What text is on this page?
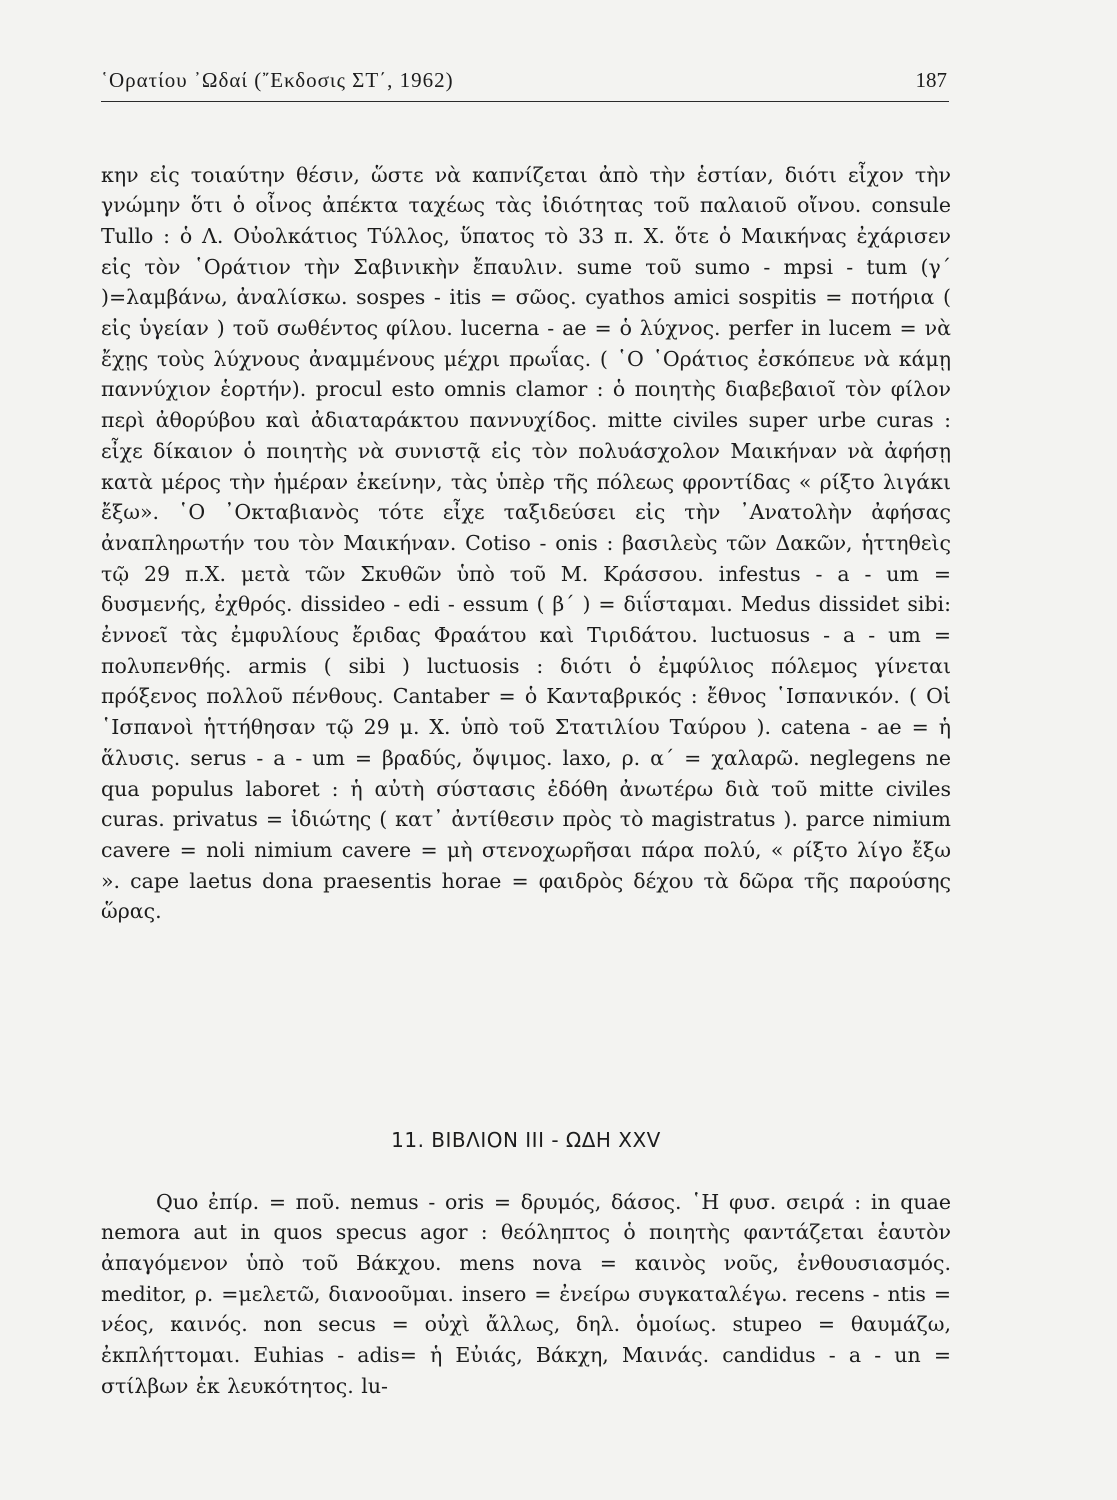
῾Ορατίου ᾽Ωδαί (῎Εκδοσις ΣΤ΄, 1962)	187

κην εἰς τοιαύτην θέσιν, ὥστε νὰ καπνίζεται ἀπὸ τὴν ἑστίαν, διότι εἶχον τὴν γνώμην ὅτι ὁ οἶνος ἀπέκτα ταχέως τὰς ἰδιότητας τοῦ παλαιοῦ οἴνου. consule Tullo : ὁ Λ. Οὐολκάτιος Τύλλος, ὕπατος τὸ 33 π. Χ. ὅτε ὁ Μαικήνας ἐχάρισεν εἰς τὸν ῾Οράτιον τὴν Σαβινικὴν ἔπαυλιν. sume τοῦ sumo - mpsi - tum (γ΄ )=λαμβάνω, ἀναλίσκω. sospes - itis = σῶος. cyathos amici sospitis = ποτήρια ( εἰς ὑγείαν ) τοῦ σωθέντος φίλου. lucerna - ae = ὁ λύχνος. perfer in lucem = νὰ ἔχῃς τοὺς λύχνους ἀναμμένους μέχρι πρωΐας. ( ῾Ο ῾Οράτιος ἐσκόπευε νὰ κάμῃ παννύχιον ἑορτήν). procul esto omnis clamor : ὁ ποιητὴς διαβεβαιοῖ τὸν φίλον περὶ ἀθορύβου καὶ ἀδιαταράκτου παννυχίδος. mitte civiles super urbe curas : εἶχε δίκαιον ὁ ποιητὴς νὰ συνιστᾷ εἰς τὸν πολυάσχολον Μαικήναν νὰ ἀφήσῃ κατὰ μέρος τὴν ἡμέραν ἐκείνην, τὰς ὑπὲρ τῆς πόλεως φροντίδας « ρίξτο λιγάκι ἔξω». ῾Ο ᾽Οκταβιανὸς τότε εἶχε ταξιδεύσει εἰς τὴν ᾽Ανατολὴν ἀφήσας ἀναπληρωτήν του τὸν Μαικήναν. Cotiso - onis : βασιλεὺς τῶν Δακῶν, ἡττηθεὶς τῷ 29 π.Χ. μετὰ τῶν Σκυθῶν ὑπὸ τοῦ Μ. Κράσσου. infestus - a - um = δυσμενής, ἐχθρός. dissideo - edi - essum ( β΄ ) = διΐσταμαι. Medus dissidet sibi: ἐννοεῖ τὰς ἐμφυλίους ἔριδας Φραάτου καὶ Τιριδάτου. luctuosus - a - um = πολυπενθής. armis ( sibi ) luctuosis : διότι ὁ ἐμφύλιος πόλεμος γίνεται πρόξενος πολλοῦ πένθους. Cantaber = ὁ Κανταβρικός : ἔθνος ῾Ισπανικόν. ( Οἱ ῾Ισπανοὶ ἡττήθησαν τῷ 29 μ. Χ. ὑπὸ τοῦ Στατιλίου Ταύρου ). catena - ae = ἡ ἅλυσις. serus - a - um = βραδύς, ὄψιμος. laxo, ρ. α΄ = χαλαρῶ. neglegens ne qua populus laboret : ἡ αὐτὴ σύστασις ἐδόθη ἀνωτέρω διὰ τοῦ mitte civiles curas. privatus = ἰδιώτης ( κατ᾽ ἀντίθεσιν πρὸς τὸ magistratus ). parce nimium cavere = noli nimium cavere = μὴ στενοχωρῆσαι πάρα πολύ, « ρίξτο λίγο ἔξω ». cape laetus dona praesentis horae = φαιδρὸς δέχου τὰ δῶρα τῆς παρούσης ὥρας.

11. ΒΙΒΛΙΟΝ ΙΙΙ - ΩΔΗ XXV

Quo ἐπίρ. = ποῦ. nemus - oris = δρυμός, δάσος. ῾Η φυσ. σειρά : in quae nemora aut in quos specus agor : θεόληπτος ὁ ποιητὴς φαντάζεται ἑαυτὸν ἀπαγόμενον ὑπὸ τοῦ Βάκχου. mens nova = καινὸς νοῦς, ἐνθουσιασμός. meditor, ρ. =μελετῶ, διανοοῦμαι. insero = ἐνείρω συγκαταλέγω. recens - ntis = νέος, καινός. non secus = οὐχὶ ἄλλως, δηλ. ὁμοίως. stupeo = θαυμάζω, ἐκπλήττομαι. Euhias - adis= ἡ Εὐιάς, Βάκχη, Μαινάς. candidus - a - un = στίλβων ἐκ λευκότητος. lu-
